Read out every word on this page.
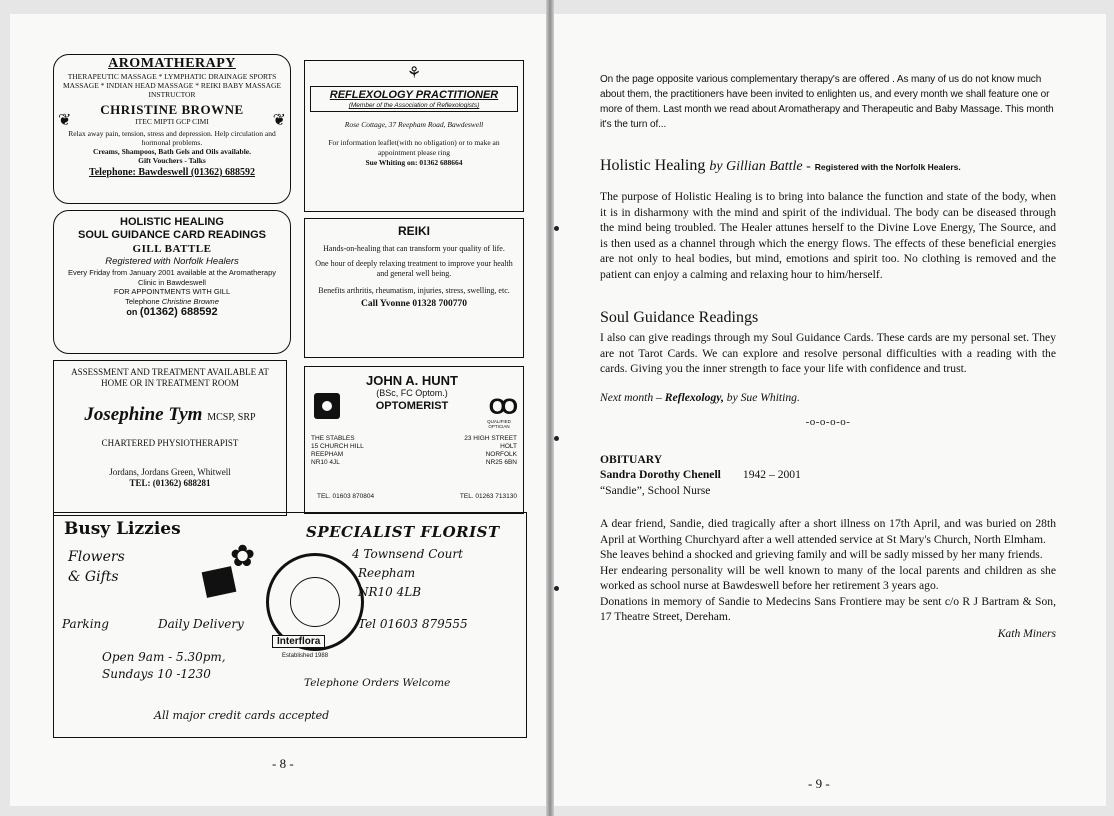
AROMATHERAPY
THERAPEUTIC MASSAGE * LYMPHATIC DRAINAGE SPORTS MASSAGE * INDIAN HEAD MASSAGE * REIKI BABY MASSAGE INSTRUCTOR
CHRISTINE BROWNE
ITEC MIPTI GCP CIMI
Relax away pain, tension, stress and depression. Help circulation and hormonal problems.
Creams, Shampoos, Bath Gels and Oils available.
Gift Vouchers - Talks
Telephone: Bawdeswell (01362) 688592
❦	❦
HOLISTIC HEALING
SOUL GUIDANCE CARD READINGS
GILL BATTLE
Registered with Norfolk Healers
Every Friday from January 2001 available at the Aromatherapy Clinic in Bawdeswell
FOR APPOINTMENTS WITH GILL
Telephone Christine Browne
on (01362) 688592
ASSESSMENT AND TREATMENT AVAILABLE AT HOME OR IN TREATMENT ROOM
Josephine Tym MCSP, SRP
CHARTERED PHYSIOTHERAPIST
Jordans, Jordans Green, Whitwell
TEL: (01362) 688281
⚘
REFLEXOLOGY PRACTITIONER
(Member of the Association of Reflexologists)
Rose Cottage, 37 Reepham Road, Bawdeswell
For information leaflet(with no obligation) or to make an appointment please ring
Sue Whiting on: 01362 688664
REIKI
Hands-on-healing that can transform your quality of life.
One hour of deeply relaxing treatment to improve your health and general well being.
Benefits arthritis, rheumatism, injuries, stress, swelling, etc.
Call Yvonne 01328 700770
JOHN A. HUNT
(BSc, FC Optom.)
OPTOMERIST	OO
QUALIFIED OPTICIAN
THE STABLES
15 CHURCH HILL
REEPHAM
NR10 4JL
23 HIGH STREET
HOLT
NORFOLK
NR25 6BN
TEL. 01603 870804	TEL. 01263 713130
Busy Lizzies
Flowers
& Gifts
✿
Interflora
Established 1988
SPECIALIST FLORIST
4 Townsend Court
Reepham
NR10 4LB
Parking	Daily Delivery	Tel 01603 879555
Open 9am - 5.30pm,
Sundays 10 -1230
Telephone Orders Welcome
All major credit cards accepted
- 8 -
On the page opposite various complementary therapy's are offered . As many of us do not know much about them, the practitioners have been invited to enlighten us, and every month we shall feature one or more of them. Last month we read about Aromatherapy and Therapeutic and Baby Massage. This month it's the turn of...
Holistic Healing by Gillian Battle - Registered with the Norfolk Healers.
The purpose of Holistic Healing is to bring into balance the function and state of the body, when it is in disharmony with the mind and spirit of the individual. The body can be diseased through the mind being troubled. The Healer attunes herself to the Divine Love Energy, The Source, and is then used as a channel through which the energy flows. The effects of these beneficial energies are not only to heal bodies, but mind, emotions and spirit too. No clothing is removed and the patient can enjoy a calming and relaxing hour to him/herself.
Soul Guidance Readings
I also can give readings through my Soul Guidance Cards. These cards are my personal set. They are not Tarot Cards. We can explore and resolve personal difficulties with a reading with the cards. Giving you the inner strength to face your life with confidence and trust.
Next month – Reflexology, by Sue Whiting.
-o-o-o-o-
OBITUARY
Sandra Dorothy Chenell 1942 – 2001
“Sandie”, School Nurse
A dear friend, Sandie, died tragically after a short illness on 17th April, and was buried on 28th April at Worthing Churchyard after a well attended service at St Mary's Church, North Elmham.
She leaves behind a shocked and grieving family and will be sadly missed by her many friends.
Her endearing personality will be well known to many of the local parents and children as she worked as school nurse at Bawdeswell before her retirement 3 years ago.
Donations in memory of Sandie to Medecins Sans Frontiere may be sent c/o R J Bartram & Son, 17 Theatre Street, Dereham.
Kath Miners
- 9 -
